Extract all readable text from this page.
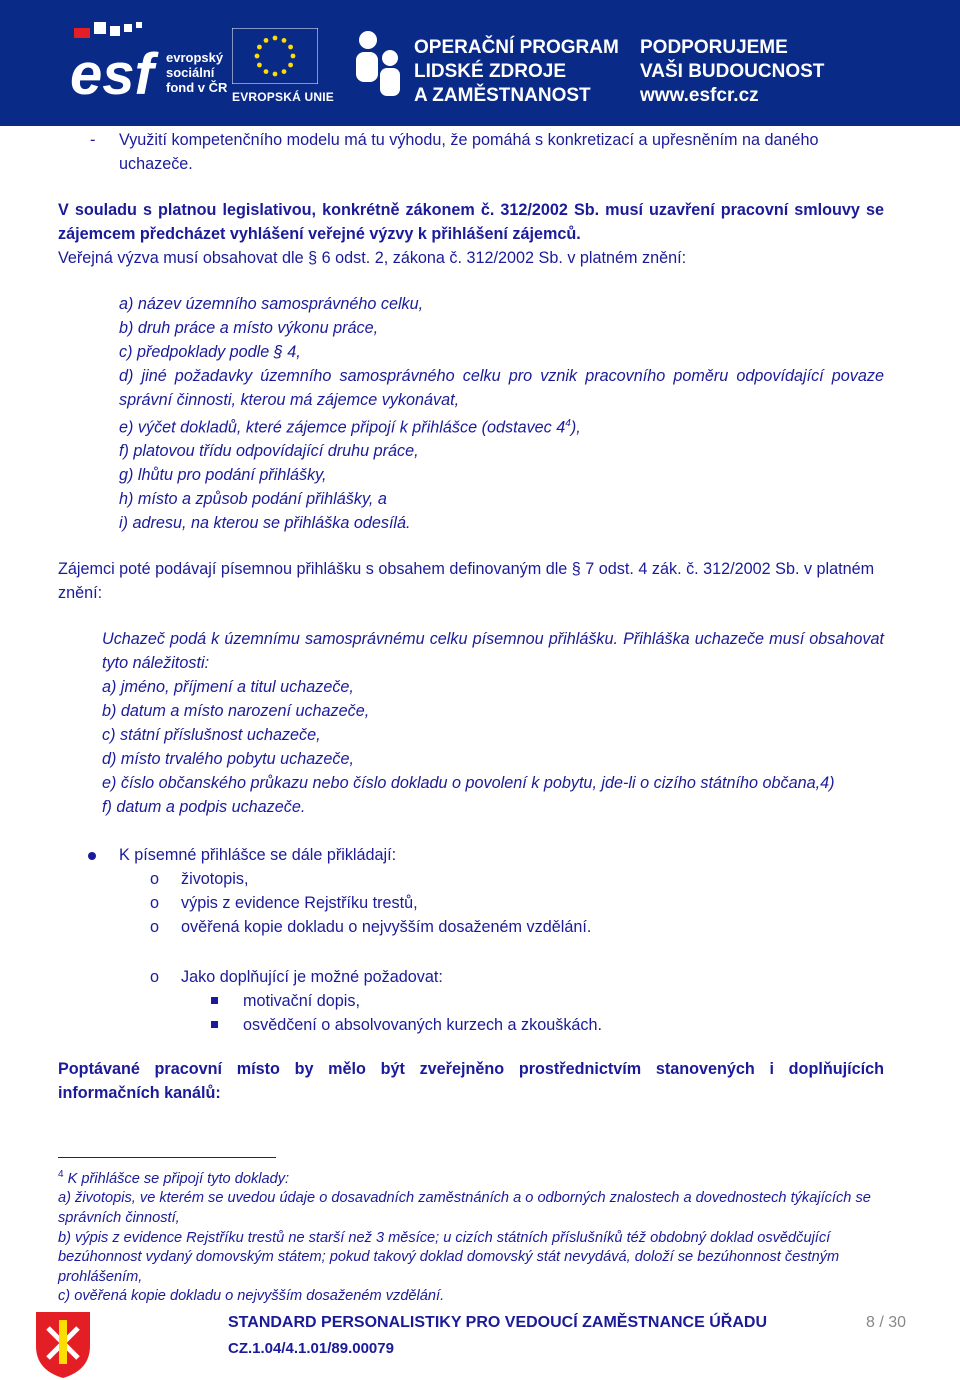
esf evropský
sociální
fond v ČR
EVROPSKÁ UNIE
OPERAČNÍ PROGRAM
LIDSKÉ ZDROJE
A ZAMĚSTNANOST
PODPORUJEME
VAŠI BUDOUCNOST
www.esfcr.cz
- Využití kompetenčního modelu má tu výhodu, že pomáhá s konkretizací a upřesněním na daného uchazeče.

V souladu s platnou legislativou, konkrétně zákonem č. 312/2002 Sb. musí uzavření pracovní smlouvy se zájemcem předcházet vyhlášení veřejné výzvy k přihlášení zájemců.

Veřejná výzva musí obsahovat dle § 6 odst. 2, zákona č. 312/2002 Sb. v platném znění:

a) název územního samosprávného celku,

b) druh práce a místo výkonu práce,

c) předpoklady podle § 4,

d) jiné požadavky územního samosprávného celku pro vznik pracovního poměru odpovídající povaze správní činnosti, kterou má zájemce vykonávat,

e) výčet dokladů, které zájemce připojí k přihlášce (odstavec $4^4$),

f) platovou třídu odpovídající druhu práce,

g) lhůtu pro podání přihlášky,

h) místo a způsob podání přihlášky, a

i) adresu, na kterou se přihláška odesílá.

Zájemci poté podávají písemnou přihlášku s obsahem definovaným dle § 7 odst. 4 zák. č. 312/2002 Sb. v platném znění:

Uchazeč podá k územnímu samosprávnému celku písemnou přihlášku. Přihláška uchazeče musí obsahovat tyto náležitosti:

a) jméno, příjmení a titul uchazeče,

b) datum a místo narození uchazeče,

c) státní příslušnost uchazeče,

d) místo trvalého pobytu uchazeče,

e) číslo občanského průkazu nebo číslo dokladu o povolení k pobytu, jde-li o cizího státního občana,4)

f) datum a podpis uchazeče.

K písemné přihlášce se dále přikládají:
o životopis,
o výpis z evidence Rejstříku trestů,
o ověřená kopie dokladu o nejvyšším dosaženém vzdělání.
o Jako doplňující je možné požadovat:
motivační dopis,
osvědčení o absolvovaných kurzech a zkouškách.

Poptávané pracovní místo by mělo být zveřejněno prostřednictvím stanovených i doplňujících informačních kanálů:

$^4$ K přihlášce se připojí tyto doklady:

a) životopis, ve kterém se uvedou údaje o dosavadních zaměstnáních a o odborných znalostech a dovednostech týkajících se správních činností,

b) výpis z evidence Rejstříku trestů ne starší než 3 měsíce; u cizích státních příslušníků též obdobný doklad osvědčující bezúhonnost vydaný domovským státem; pokud takový doklad domovský stát nevydává, doloží se bezúhonnost čestným prohlášením,

c) ověřená kopie dokladu o nejvyšším dosaženém vzdělání.

STANDARD PERSONALISTIKY PRO VEDOUCÍ ZAMĚSTNANCE ÚŘADU
CZ.1.04/4.1.01/89.00079
8 / 30
